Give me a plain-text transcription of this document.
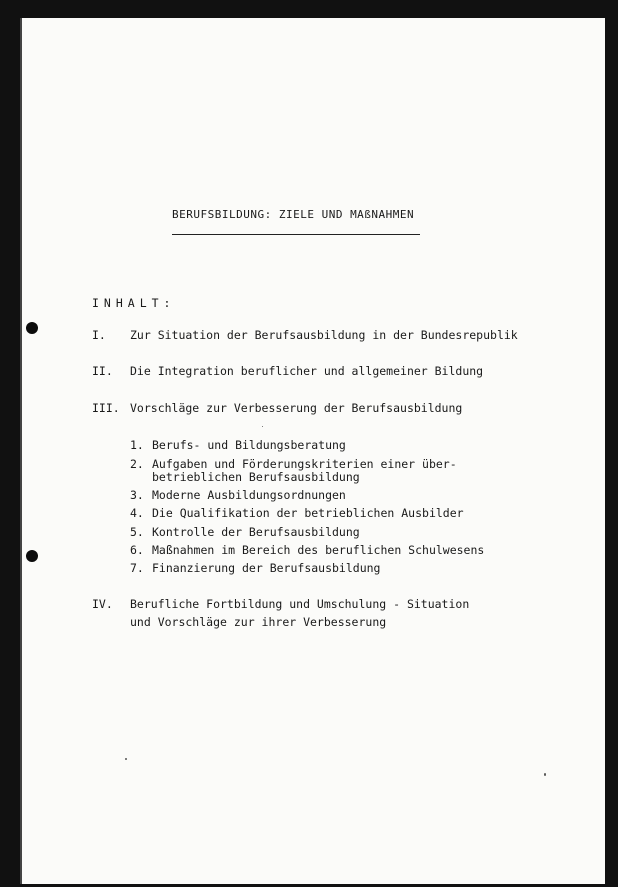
BERUFSBILDUNG: ZIELE UND MAßNAHMEN
INHALT:
I. Zur Situation der Berufsausbildung in der Bundesrepublik
II. Die Integration beruflicher und allgemeiner Bildung
III. Vorschläge zur Verbesserung der Berufsausbildung
1. Berufs- und Bildungsberatung
2. Aufgaben und Förderungskriterien einer über-
betrieblichen Berufsausbildung
3. Moderne Ausbildungsordnungen
4. Die Qualifikation der betrieblichen Ausbilder
5. Kontrolle der Berufsausbildung
6. Maßnahmen im Bereich des beruflichen Schulwesens
7. Finanzierung der Berufsausbildung
IV. Berufliche Fortbildung und Umschulung - Situation
und Vorschläge zur ihrer Verbesserung
